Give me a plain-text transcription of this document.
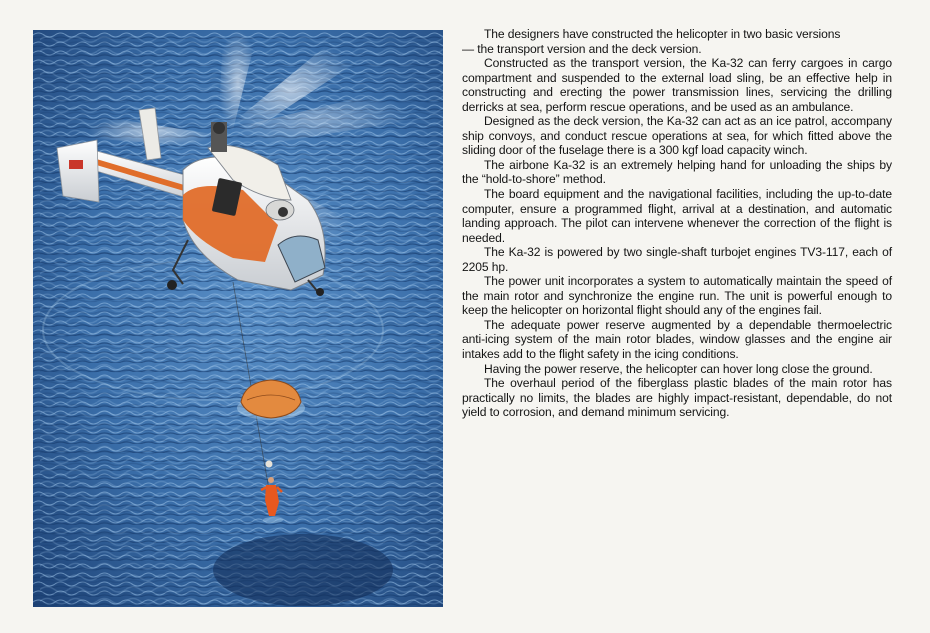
The designers have constructed the helicopter in two basic versions

— the transport version and the deck version.

Constructed as the transport version, the Ka-32 can ferry cargoes in cargo compartment and suspended to the external load sling, be an effective help in constructing and erecting the power transmission lines, servicing the drilling derricks at sea, perform rescue operations, and be used as an ambulance.

Designed as the deck version, the Ka-32 can act as an ice patrol, accompany ship convoys, and conduct rescue operations at sea, for which fitted above the sliding door of the fuselage there is a 300 kgf load capacity winch.

The airbone Ka-32 is an extremely helping hand for unloading the ships by the “hold-to-shore” method.

The board equipment and the navigational facilities, including the up-to-date computer, ensure a programmed flight, arrival at a destination, and automatic landing approach. The pilot can intervene whenever the correction of the flight is needed.

The Ka-32 is powered by two single-shaft turbojet engines TV3-117, each of 2205 hp.

The power unit incorporates a system to automatically maintain the speed of the main rotor and synchronize the engine run. The unit is powerful enough to keep the helicopter on horizontal flight should any of the engines fail.

The adequate power reserve augmented by a dependable thermoelectric anti-icing system of the main rotor blades, window glasses and the engine air intakes add to the flight safety in the icing conditions.

Having the power reserve, the helicopter can hover long close the ground.

The overhaul period of the fiberglass plastic blades of the main rotor has practically no limits, the blades are highly impact-resistant, dependable, do not yield to corrosion, and demand minimum servicing.
